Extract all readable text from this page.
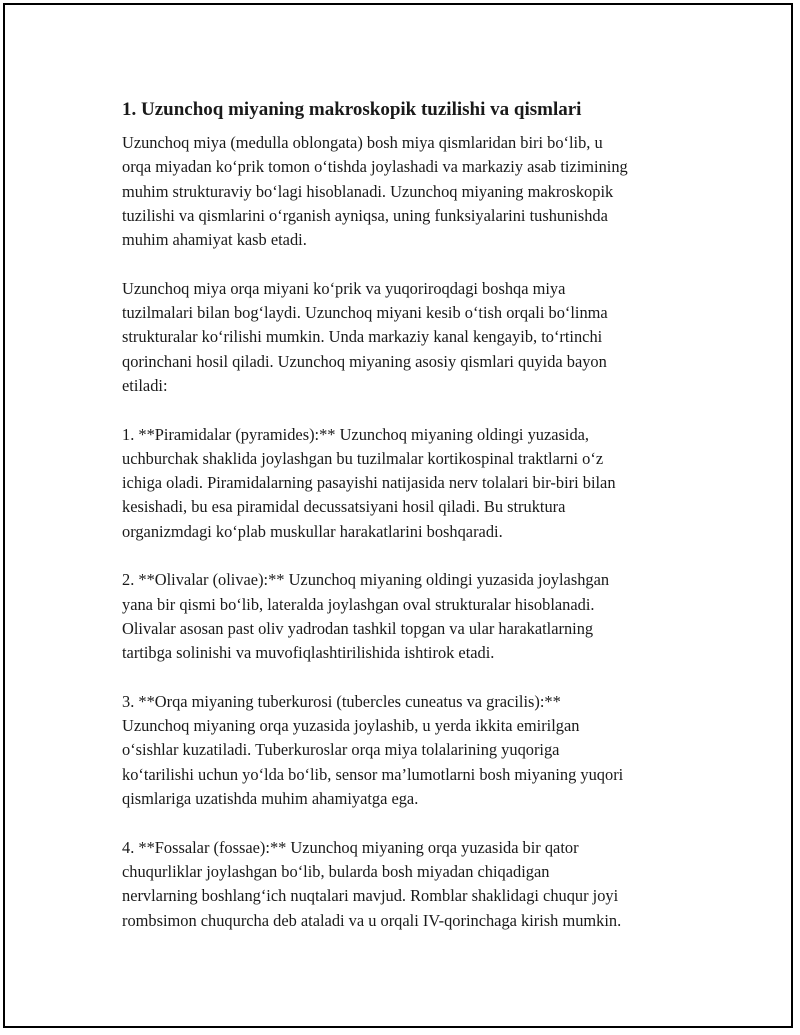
1. Uzunchoq miyaning makroskopik tuzilishi va qismlari
Uzunchoq miya (medulla oblongata) bosh miya qismlaridan biri bo‘lib, u
orqa miyadan ko‘prik tomon o‘tishda joylashadi va markaziy asab tizimining
muhim strukturaviy bo‘lagi hisoblanadi. Uzunchoq miyaning makroskopik
tuzilishi va qismlarini o‘rganish ayniqsa, uning funksiyalarini tushunishda
muhim ahamiyat kasb etadi.
Uzunchoq miya orqa miyani ko‘prik va yuqoriroqdagi boshqa miya
tuzilmalari bilan bog‘laydi. Uzunchoq miyani kesib o‘tish orqali bo‘linma
strukturalar ko‘rilishi mumkin. Unda markaziy kanal kengayib, to‘rtinchi
qorinchani hosil qiladi. Uzunchoq miyaning asosiy qismlari quyida bayon
etiladi:
1. **Piramidalar (pyramides):** Uzunchoq miyaning oldingi yuzasida,
uchburchak shaklida joylashgan bu tuzilmalar kortikospinal traktlarni o‘z
ichiga oladi. Piramidalarning pasayishi natijasida nerv tolalari bir-biri bilan
kesishadi, bu esa piramidal decussatsiyani hosil qiladi. Bu struktura
organizmdagi ko‘plab muskullar harakatlarini boshqaradi.
2. **Olivalar (olivae):** Uzunchoq miyaning oldingi yuzasida joylashgan
yana bir qismi bo‘lib, lateralda joylashgan oval strukturalar hisoblanadi.
Olivalar asosan past oliv yadrodan tashkil topgan va ular harakatlarning
tartibga solinishi va muvofiqlashtirilishida ishtirok etadi.
3. **Orqa miyaning tuberkurosi (tubercles cuneatus va gracilis):**
Uzunchoq miyaning orqa yuzasida joylashib, u yerda ikkita emirilgan
o‘sishlar kuzatiladi. Tuberkuroslar orqa miya tolalarining yuqoriga
ko‘tarilishi uchun yo‘lda bo‘lib, sensor ma’lumotlarni bosh miyaning yuqori
qismlariga uzatishda muhim ahamiyatga ega.
4. **Fossalar (fossae):** Uzunchoq miyaning orqa yuzasida bir qator
chuqurliklar joylashgan bo‘lib, bularda bosh miyadan chiqadigan
nervlarning boshlang‘ich nuqtalari mavjud. Romblar shaklidagi chuqur joyi
rombsimon chuqurcha deb ataladi va u orqali IV-qorinchaga kirish mumkin.
